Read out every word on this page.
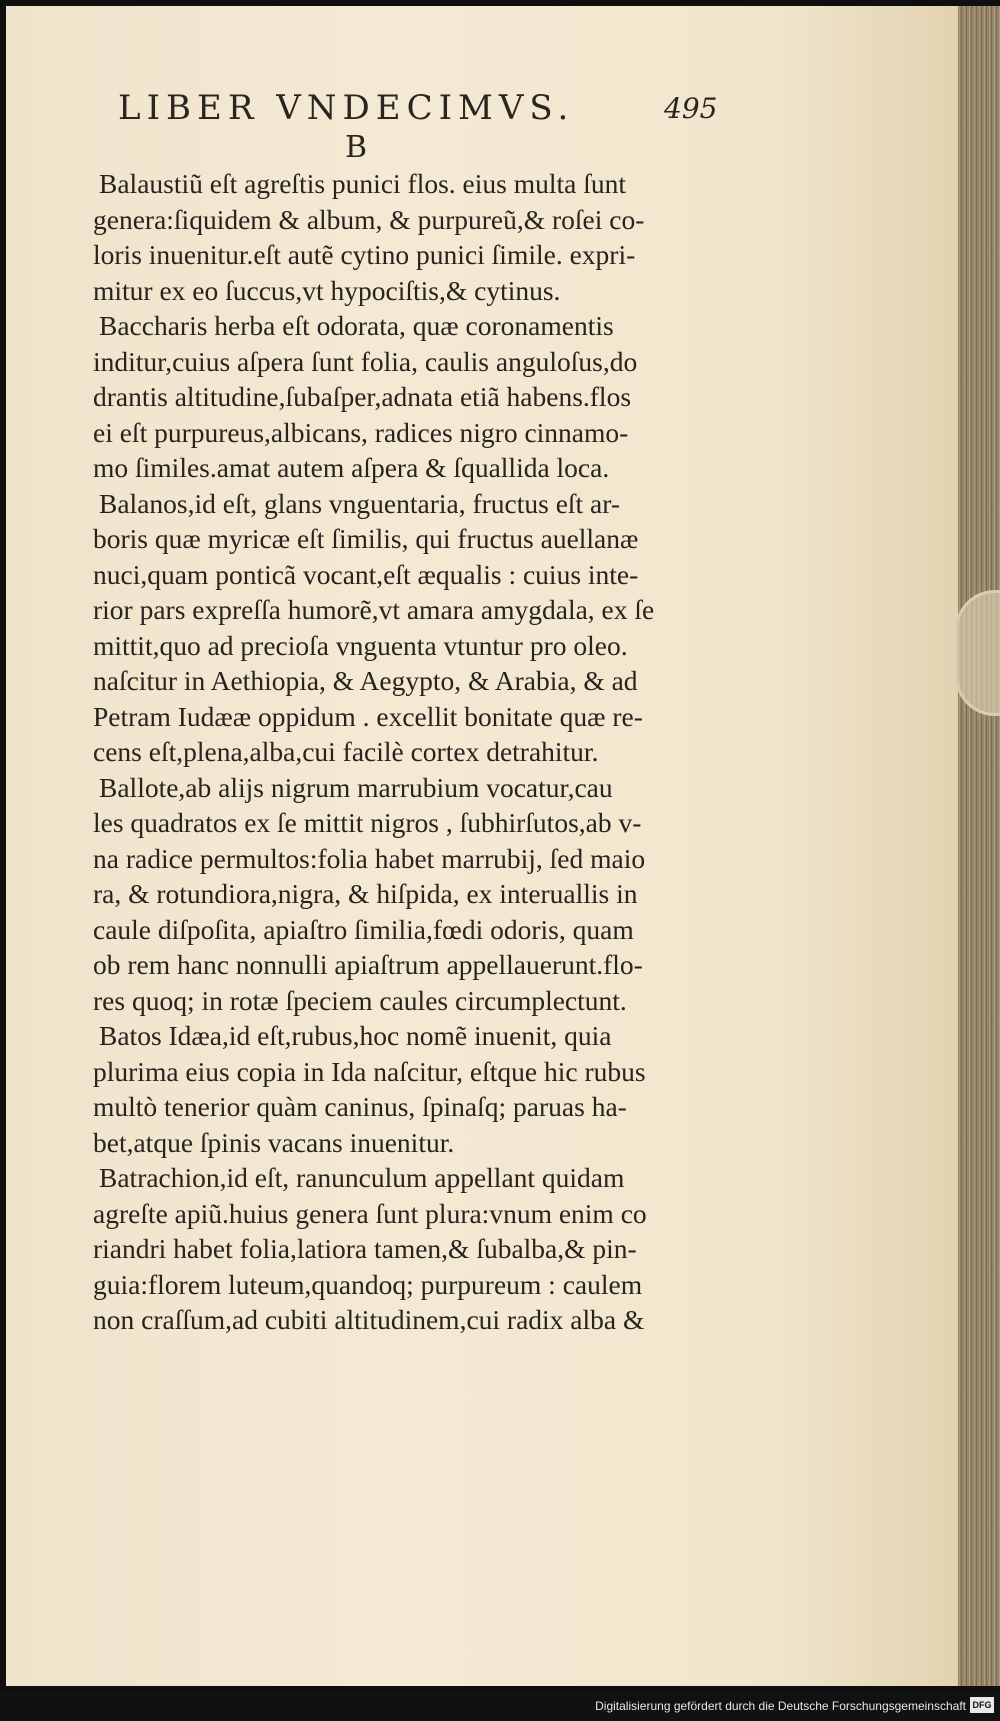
LIBER VNDECIMVS.	495
B
Balaustiũ eſt agreſtis punici flos. eius multa ſunt
genera:ſiquidem & album, & purpureũ,& roſei co-
loris inuenitur.eſt autẽ cytino punici ſimile. expri-
mitur ex eo ſuccus,vt hypociſtis,& cytinus.
Baccharis herba eſt odorata, quæ coronamentis
inditur,cuius aſpera ſunt folia, caulis anguloſus,do
drantis altitudine,ſubaſper,adnata etiã habens.flos
ei eſt purpureus,albicans, radices nigro cinnamo-
mo ſimiles.amat autem aſpera & ſquallida loca.
Balanos,id eſt, glans vnguentaria, fructus eſt ar-
boris quæ myricæ eſt ſimilis, qui fructus auellanæ
nuci,quam ponticã vocant,eſt æqualis : cuius inte-
rior pars expreſſa humorẽ,vt amara amygdala, ex ſe
mittit,quo ad precioſa vnguenta vtuntur pro oleo.
naſcitur in Aethiopia, & Aegypto, & Arabia, & ad
Petram Iudææ oppidum . excellit bonitate quæ re-
cens eſt,plena,alba,cui facilè cortex detrahitur.
Ballote,ab alijs nigrum marrubium vocatur,cau
les quadratos ex ſe mittit nigros , ſubhirſutos,ab v-
na radice permultos:folia habet marrubij, ſed maio
ra, & rotundiora,nigra, & hiſpida, ex interuallis in
caule diſpoſita, apiaſtro ſimilia,fœdi odoris, quam
ob rem hanc nonnulli apiaſtrum appellauerunt.flo-
res quoq; in rotæ ſpeciem caules circumplectunt.
Batos Idæa,id eſt,rubus,hoc nomẽ inuenit, quia
plurima eius copia in Ida naſcitur, eſtque hic rubus
multò tenerior quàm caninus, ſpinaſq; paruas ha-
bet,atque ſpinis vacans inuenitur.
Batrachion,id eſt, ranunculum appellant quidam
agreſte apiũ.huius genera ſunt plura:vnum enim co
riandri habet folia,latiora tamen,& ſubalba,& pin-
guia:florem luteum,quandoq; purpureum : caulem
non craſſum,ad cubiti altitudinem,cui radix alba &
Digitalisierung gefördert durch die Deutsche Forschungsgemeinschaft DFG
